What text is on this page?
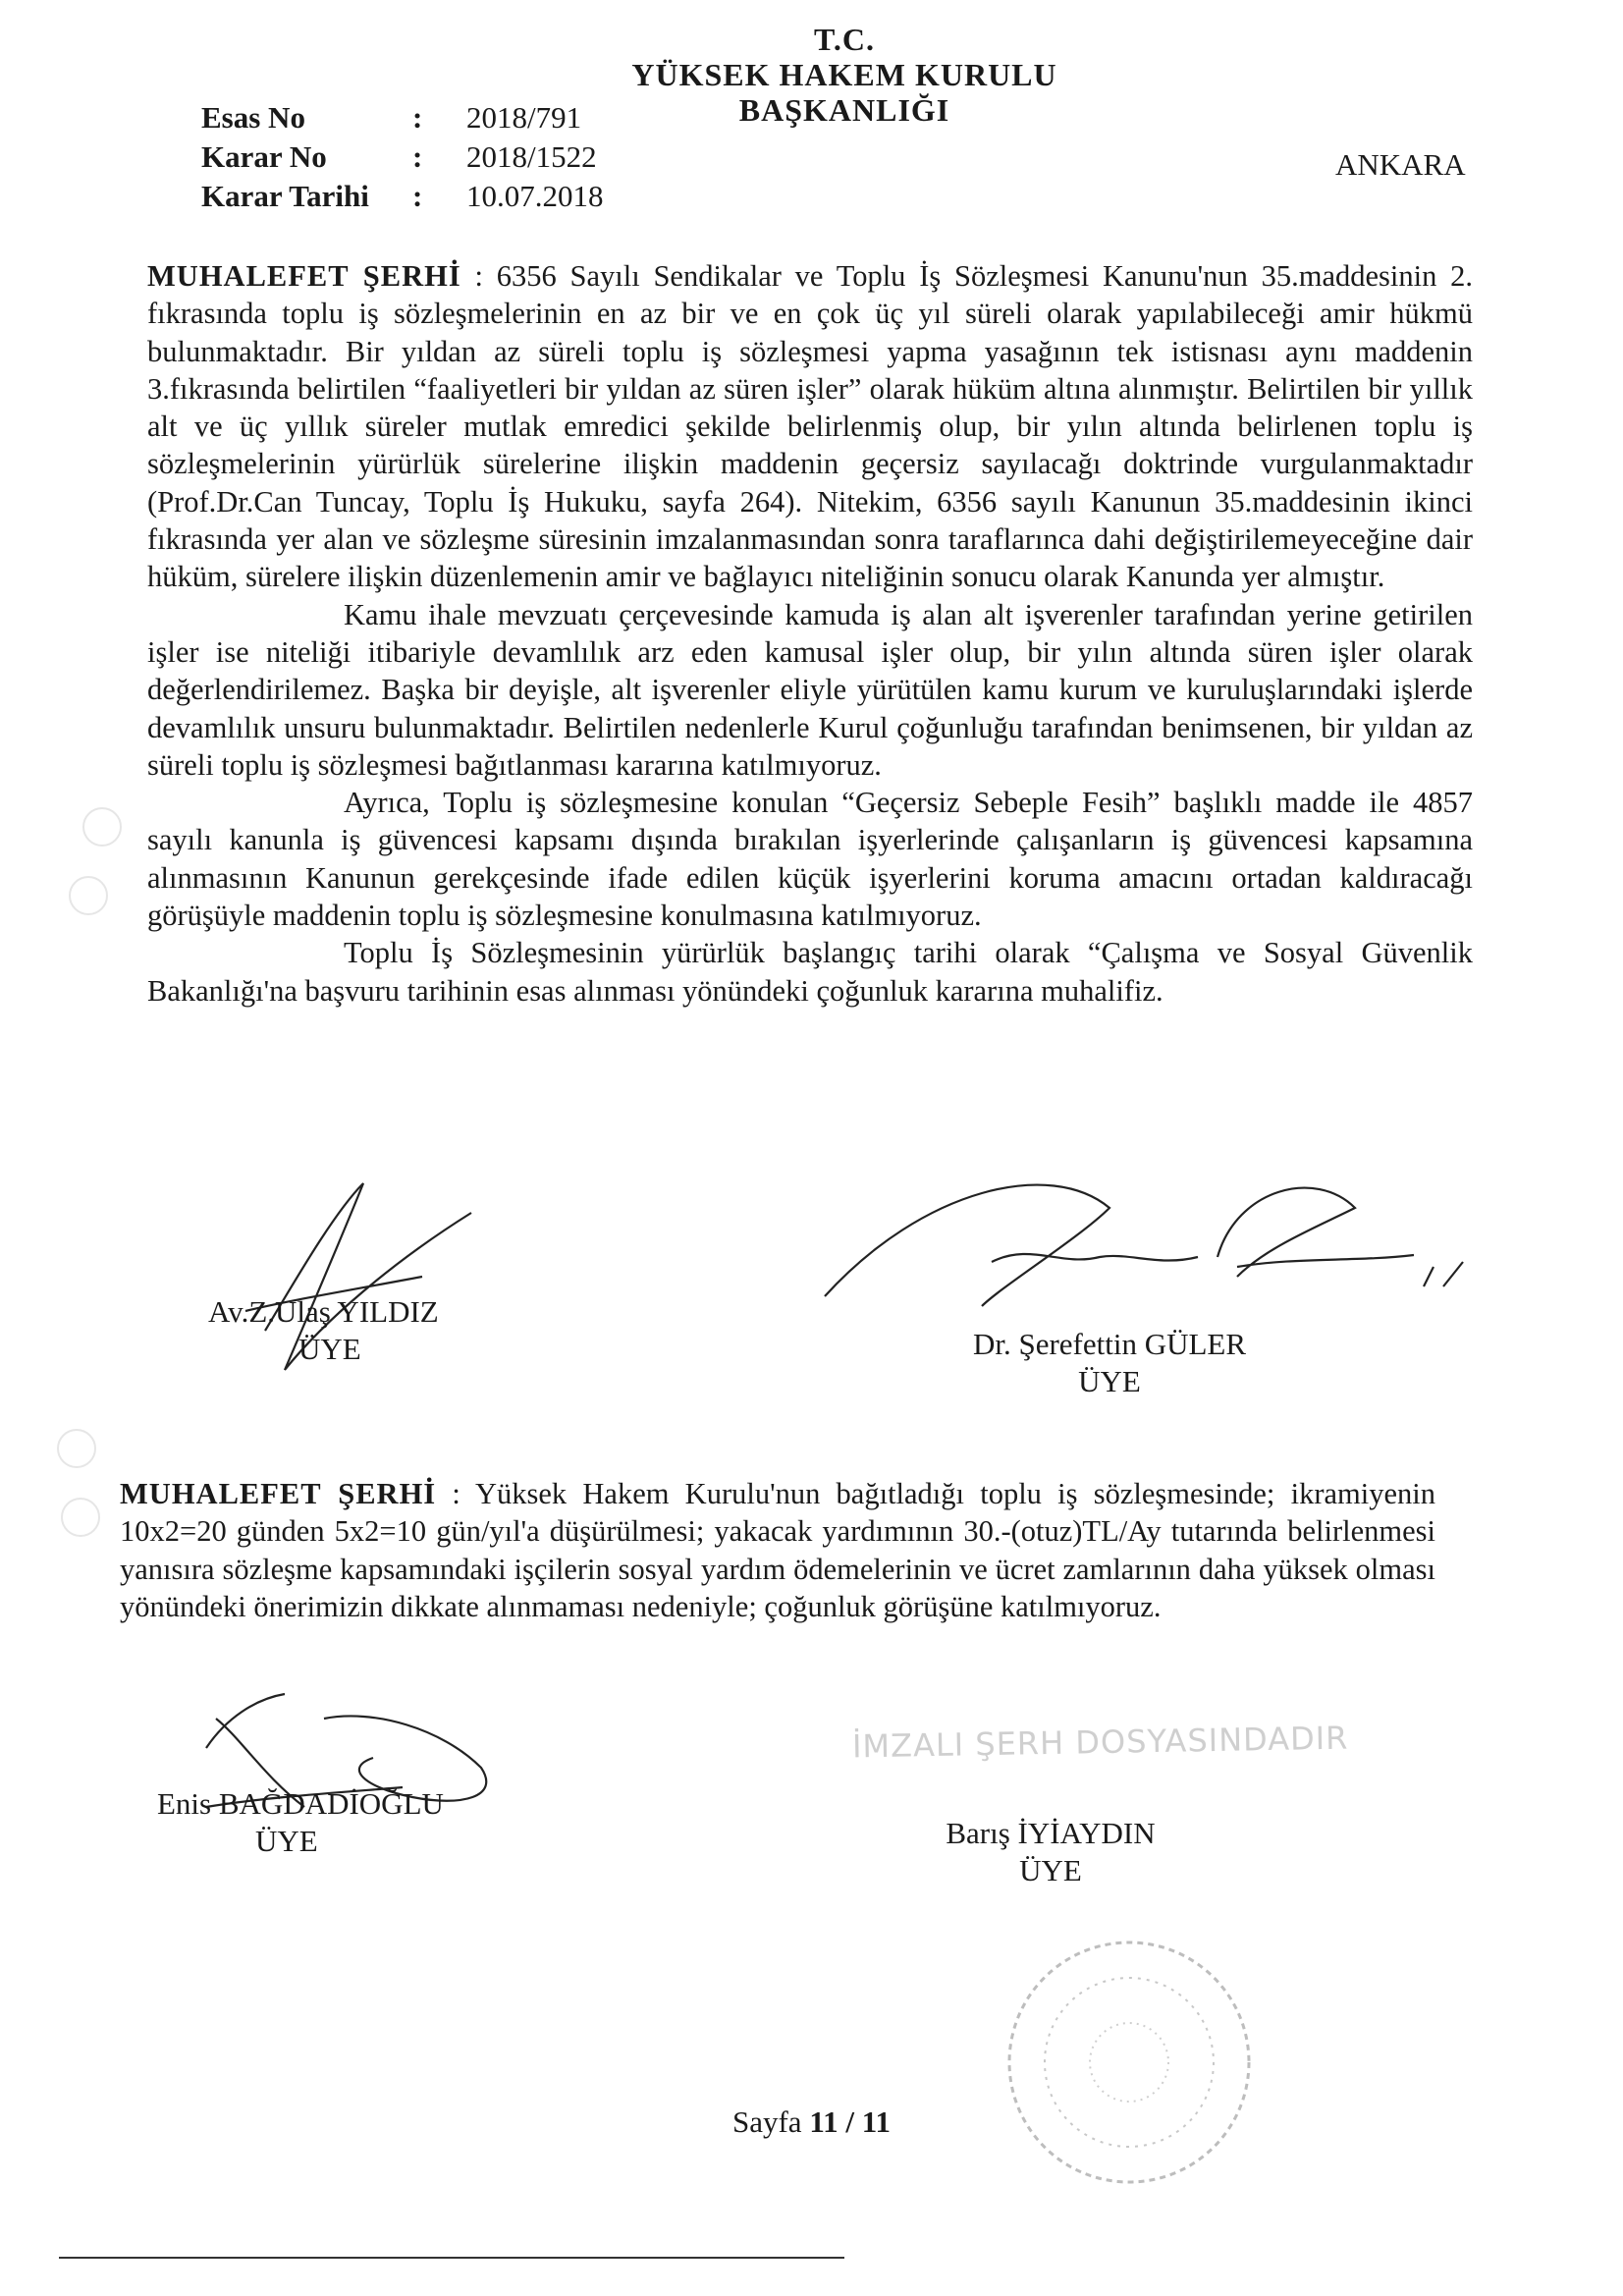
T.C.
YÜKSEK HAKEM KURULU
BAŞKANLIĞI
Esas No	:	2018/791
Karar No	:	2018/1522
Karar Tarihi	:	10.07.2018
ANKARA

MUHALEFET ŞERHİ : 6356 Sayılı Sendikalar ve Toplu İş Sözleşmesi Kanunu'nun 35.maddesinin 2. fıkrasında toplu iş sözleşmelerinin en az bir ve en çok üç yıl süreli olarak yapılabileceği amir hükmü bulunmaktadır. Bir yıldan az süreli toplu iş sözleşmesi yapma yasağının tek istisnası aynı maddenin 3.fıkrasında belirtilen “faaliyetleri bir yıldan az süren işler” olarak hüküm altına alınmıştır. Belirtilen bir yıllık alt ve üç yıllık süreler mutlak emredici şekilde belirlenmiş olup, bir yılın altında belirlenen toplu iş sözleşmelerinin yürürlük sürelerine ilişkin maddenin geçersiz sayılacağı doktrinde vurgulanmaktadır (Prof.Dr.Can Tuncay, Toplu İş Hukuku, sayfa 264). Nitekim, 6356 sayılı Kanunun 35.maddesinin ikinci fıkrasında yer alan ve sözleşme süresinin imzalanmasından sonra taraflarınca dahi değiştirilemeyeceğine dair hüküm, sürelere ilişkin düzenlemenin amir ve bağlayıcı niteliğinin sonucu olarak Kanunda yer almıştır.

Kamu ihale mevzuatı çerçevesinde kamuda iş alan alt işverenler tarafından yerine getirilen işler ise niteliği itibariyle devamlılık arz eden kamusal işler olup, bir yılın altında süren işler olarak değerlendirilemez. Başka bir deyişle, alt işverenler eliyle yürütülen kamu kurum ve kuruluşlarındaki işlerde devamlılık unsuru bulunmaktadır. Belirtilen nedenlerle Kurul çoğunluğu tarafından benimsenen, bir yıldan az süreli toplu iş sözleşmesi bağıtlanması kararına katılmıyoruz.

Ayrıca, Toplu iş sözleşmesine konulan “Geçersiz Sebeple Fesih” başlıklı madde ile 4857 sayılı kanunla iş güvencesi kapsamı dışında bırakılan işyerlerinde çalışanların iş güvencesi kapsamına alınmasının Kanunun gerekçesinde ifade edilen küçük işyerlerini koruma amacını ortadan kaldıracağı görüşüyle maddenin toplu iş sözleşmesine konulmasına katılmıyoruz.

Toplu İş Sözleşmesinin yürürlük başlangıç tarihi olarak “Çalışma ve Sosyal Güvenlik Bakanlığı'na başvuru tarihinin esas alınması yönündeki çoğunluk kararına muhalifiz.

Av.Z.Ulaş YILDIZ
ÜYE	Dr. Şerefettin GÜLER
ÜYE

MUHALEFET ŞERHİ : Yüksek Hakem Kurulu'nun bağıtladığı toplu iş sözleşmesinde; ikramiyenin 10x2=20 günden 5x2=10 gün/yıl'a düşürülmesi; yakacak yardımının 30.-(otuz)TL/Ay tutarında belirlenmesi yanısıra sözleşme kapsamındaki işçilerin sosyal yardım ödemelerinin ve ücret zamlarının daha yüksek olması yönündeki önerimizin dikkate alınmaması nedeniyle; çoğunluk görüşüne katılmıyoruz.

Enis BAĞDADİOĞLU
ÜYE
İMZALI ŞERH DOSYASINDADIR
Barış İYİAYDIN
ÜYE
Sayfa 11 / 11
